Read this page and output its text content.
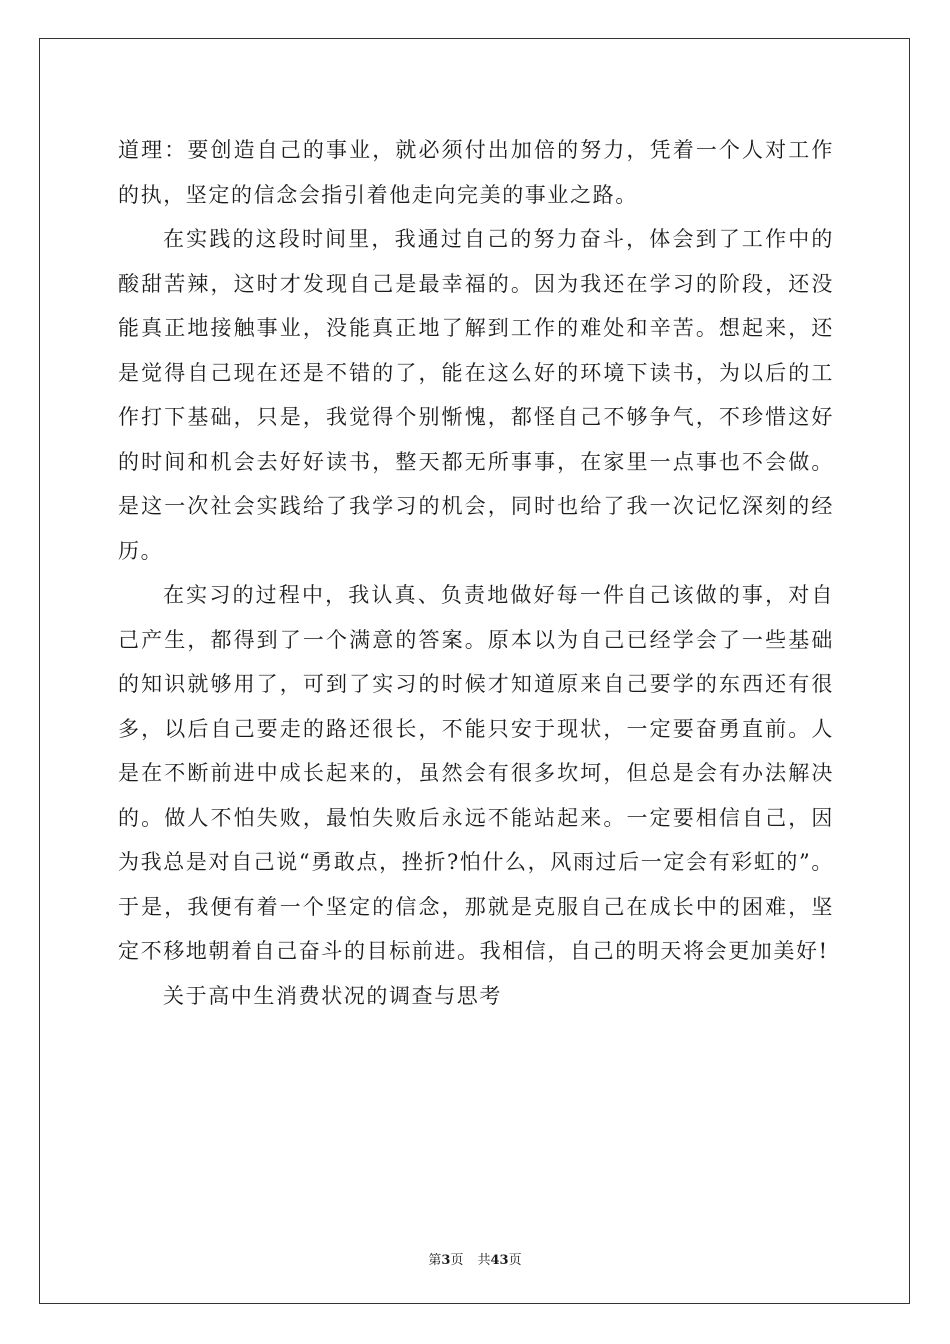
道理：要创造自己的事业，就必须付出加倍的努力，凭着一个人对工作的执，坚定的信念会指引着他走向完美的事业之路。

在实践的这段时间里，我通过自己的努力奋斗，体会到了工作中的酸甜苦辣，这时才发现自己是最幸福的。因为我还在学习的阶段，还没能真正地接触事业，没能真正地了解到工作的难处和辛苦。想起来，还是觉得自己现在还是不错的了，能在这么好的环境下读书，为以后的工作打下基础，只是，我觉得个别惭愧，都怪自己不够争气，不珍惜这好的时间和机会去好好读书，整天都无所事事，在家里一点事也不会做。是这一次社会实践给了我学习的机会，同时也给了我一次记忆深刻的经历。

在实习的过程中，我认真、负责地做好每一件自己该做的事，对自己产生，都得到了一个满意的答案。原本以为自己已经学会了一些基础的知识就够用了，可到了实习的时候才知道原来自己要学的东西还有很多，以后自己要走的路还很长，不能只安于现状，一定要奋勇直前。人是在不断前进中成长起来的，虽然会有很多坎坷，但总是会有办法解决的。做人不怕失败，最怕失败后永远不能站起来。一定要相信自己，因为我总是对自己说“勇敢点，挫折?怕什么，风雨过后一定会有彩虹的”。于是，我便有着一个坚定的信念，那就是克服自己在成长中的困难，坚定不移地朝着自己奋斗的目标前进。我相信，自己的明天将会更加美好!

关于高中生消费状况的调查与思考

第3页 共43页
